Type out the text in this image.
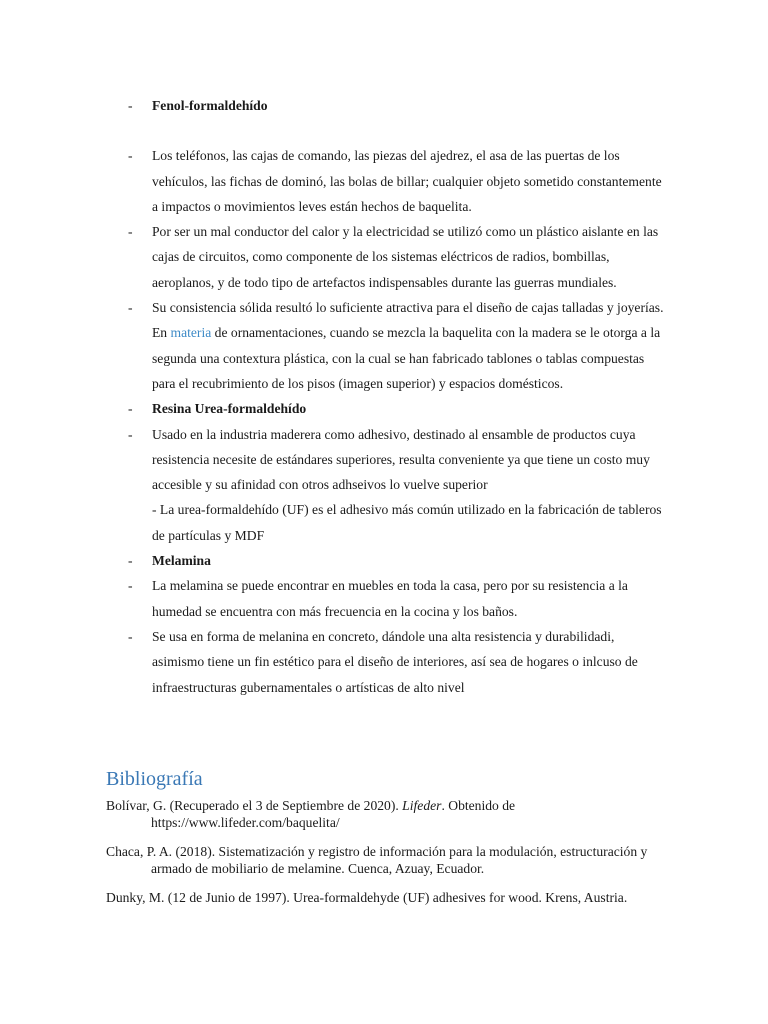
-	Fenol-formaldehído
-	Los teléfonos, las cajas de comando, las piezas del ajedrez, el asa de las puertas de los vehículos, las fichas de dominó, las bolas de billar; cualquier objeto sometido constantemente a impactos o movimientos leves están hechos de baquelita.
-	Por ser un mal conductor del calor y la electricidad se utilizó como un plástico aislante en las cajas de circuitos, como componente de los sistemas eléctricos de radios, bombillas, aeroplanos, y de todo tipo de artefactos indispensables durante las guerras mundiales.
-	Su consistencia sólida resultó lo suficiente atractiva para el diseño de cajas talladas y joyerías. En materia de ornamentaciones, cuando se mezcla la baquelita con la madera se le otorga a la segunda una contextura plástica, con la cual se han fabricado tablones o tablas compuestas para el recubrimiento de los pisos (imagen superior) y espacios domésticos.
-	Resina Urea-formaldehído
-	Usado en la industria maderera como adhesivo, destinado al ensamble de productos cuya resistencia necesite de estándares superiores, resulta conveniente ya que tiene un costo muy accesible y su afinidad con otros adhseivos lo vuelve superior
- La urea-formaldehído (UF) es el adhesivo más común utilizado en la fabricación de tableros de partículas y MDF
-	Melamina
-	La melamina se puede encontrar en muebles en toda la casa, pero por su resistencia a la humedad se encuentra con más frecuencia en la cocina y los baños.
-	Se usa en forma de melanina en concreto, dándole una alta resistencia y durabilidadi, asimismo tiene un fin estético para el diseño de interiores, así sea de hogares o inlcuso de infraestructuras gubernamentales o artísticas de alto nivel
Bibliografía
Bolívar, G. (Recuperado el 3 de Septiembre de 2020). Lifeder. Obtenido de https://www.lifeder.com/baquelita/
Chaca, P. A. (2018). Sistematización y registro de información para la modulación, estructuración y armado de mobiliario de melamine. Cuenca, Azuay, Ecuador.
Dunky, M. (12 de Junio de 1997). Urea-formaldehyde (UF) adhesives for wood. Krens, Austria.
